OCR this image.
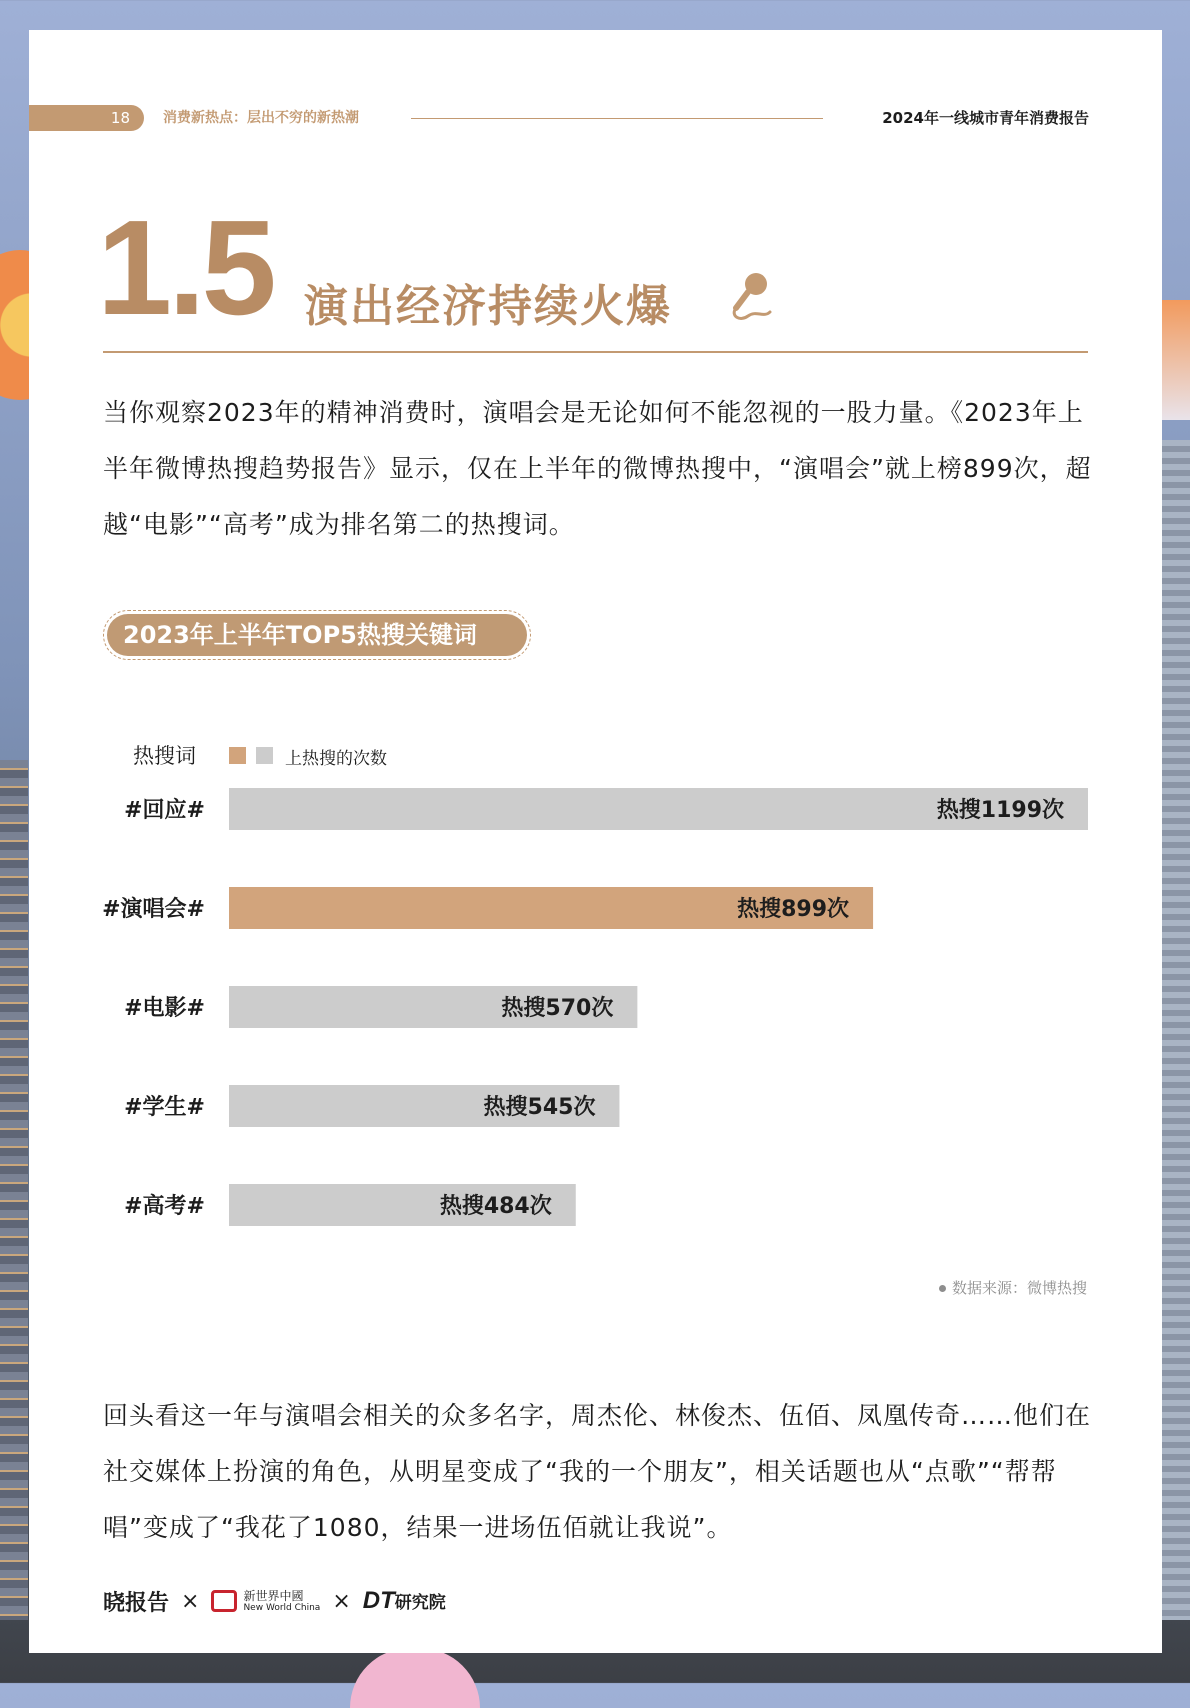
18	消费新热点：层出不穷的新热潮	2024年一线城市青年消费报告
1.5 演出经济持续火爆
当你观察2023年的精神消费时，演唱会是无论如何不能忽视的一股力量。《2023年上半年微博热搜趋势报告》显示，仅在上半年的微博热搜中，“演唱会”就上榜899次，超越“电影”“高考”成为排名第二的热搜词。
2023年上半年TOP5热搜关键词
热搜词	上热搜的次数
#回应#	热搜1199次
#演唱会#	热搜899次
#电影#	热搜570次
#学生#	热搜545次
#高考#	热搜484次
数据来源：微博热搜
回头看这一年与演唱会相关的众多名字，周杰伦、林俊杰、伍佰、凤凰传奇……他们在社交媒体上扮演的角色，从明星变成了“我的一个朋友”，相关话题也从“点歌”“帮帮唱”变成了“我花了1080，结果一进场伍佰就让我说”。
晓报告 ×	新世界中國
New World China × DT 研究院
